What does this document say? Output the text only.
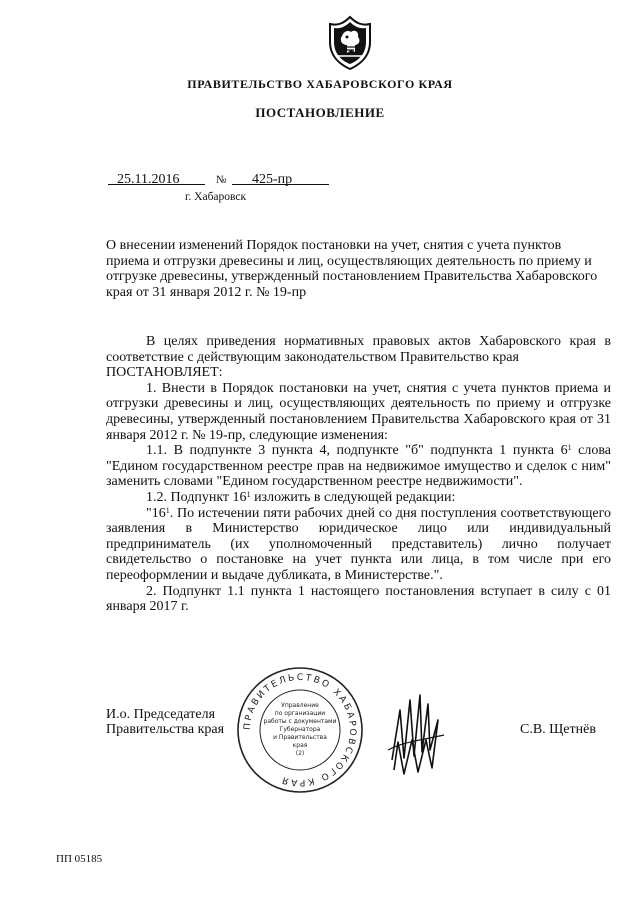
ПРАВИТЕЛЬСТВО ХАБАРОВСКОГО КРАЯ
ПОСТАНОВЛЕНИЕ
25.11.2016	№ 425-пр
г. Хабаровск
О внесении изменений Порядок постановки на учет, снятия с учета пунктов приема и отгрузки древесины и лиц, осуществляющих деятельность по приему и отгрузке древесины, утвержденный постановлением Правительства Хабаровского края от 31 января 2012 г. № 19-пр

В целях приведения нормативных правовых актов Хабаровского края в соответствие с действующим законодательством Правительство края

ПОСТАНОВЛЯЕТ:

1. Внести в Порядок постановки на учет, снятия с учета пунктов приема и отгрузки древесины и лиц, осуществляющих деятельность по приему и отгрузке древесины, утвержденный постановлением Правительства Хабаровского края от 31 января 2012 г. № 19-пр, следующие изменения:

1.1. В подпункте 3 пункта 4, подпункте "б" подпункта 1 пункта $6^1$ слова "Едином государственном реестре прав на недвижимое имущество и сделок с ним" заменить словами "Едином государственном реестре недвижимости".

1.2. Подпункт $16^1$ изложить в следующей редакции:

"$16^1$. По истечении пяти рабочих дней со дня поступления соответствующего заявления в Министерство юридическое лицо или индивидуальный предприниматель (их уполномоченный представитель) лично получает свидетельство о постановке на учет пункта или лица, в том числе при его переоформлении и выдаче дубликата, в Министерстве.".

2. Подпункт 1.1 пункта 1 настоящего постановления вступает в силу с 01 января 2017 г.

И.о. Председателя
Правительства края ПРАВИТЕЛЬСТВО ХАБАРОВСКОГО КРАЯ
Управление
по организации
работы с документами
Губернатора
и Правительства
края
(2)
С.В. Щетнёв
ПП 05185
